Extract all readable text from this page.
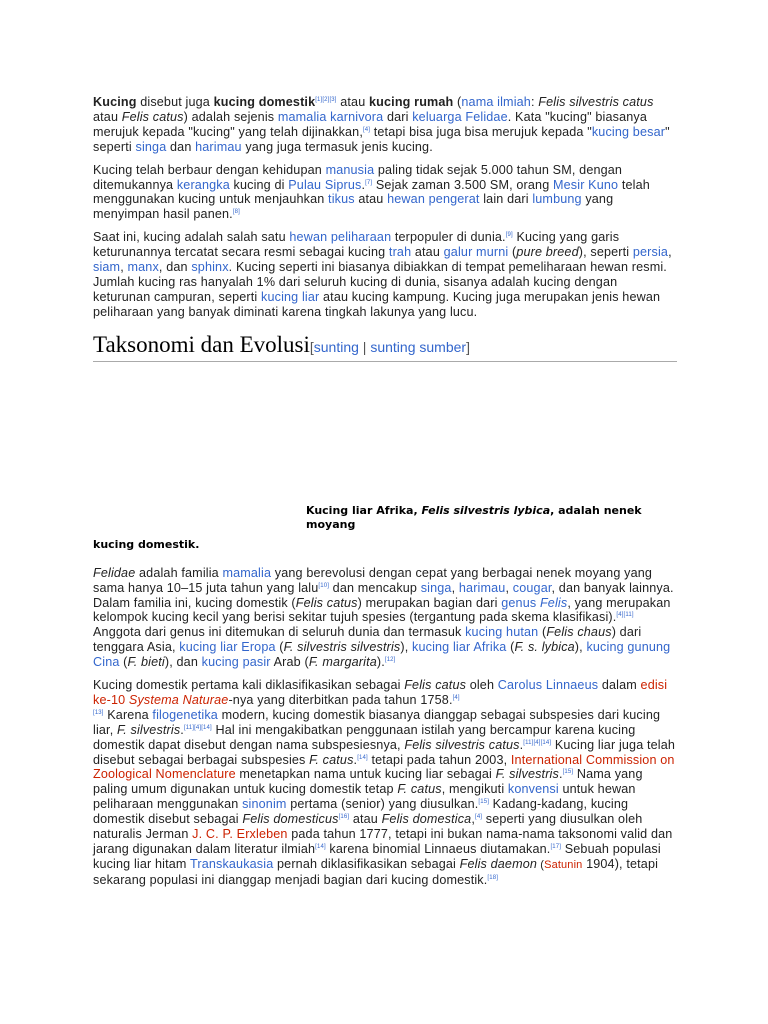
Kucing disebut juga kucing domestik[1][2][3] atau kucing rumah (nama ilmiah: Felis silvestris catus atau Felis catus) adalah sejenis mamalia karnivora dari keluarga Felidae. Kata "kucing" biasanya merujuk kepada "kucing" yang telah dijinakkan,[4] tetapi bisa juga bisa merujuk kepada "kucing besar" seperti singa dan harimau yang juga termasuk jenis kucing.

Kucing telah berbaur dengan kehidupan manusia paling tidak sejak 5.000 tahun SM, dengan ditemukannya kerangka kucing di Pulau Siprus.[7] Sejak zaman 3.500 SM, orang Mesir Kuno telah menggunakan kucing untuk menjauhkan tikus atau hewan pengerat lain dari lumbung yang menyimpan hasil panen.[8]

Saat ini, kucing adalah salah satu hewan peliharaan terpopuler di dunia.[9] Kucing yang garis keturunannya tercatat secara resmi sebagai kucing trah atau galur murni (pure breed), seperti persia, siam, manx, dan sphinx. Kucing seperti ini biasanya dibiakkan di tempat pemeliharaan hewan resmi. Jumlah kucing ras hanyalah 1% dari seluruh kucing di dunia, sisanya adalah kucing dengan keturunan campuran, seperti kucing liar atau kucing kampung. Kucing juga merupakan jenis hewan peliharaan yang banyak diminati karena tingkah lakunya yang lucu.

Taksonomi dan Evolusi[sunting | sunting sumber]
Kucing liar Afrika, Felis silvestris lybica, adalah nenek moyang
kucing domestik.

Felidae adalah familia mamalia yang berevolusi dengan cepat yang berbagai nenek moyang yang sama hanya 10–15 juta tahun yang lalu[10] dan mencakup singa, harimau, cougar, dan banyak lainnya. Dalam familia ini, kucing domestik (Felis catus) merupakan bagian dari genus Felis, yang merupakan kelompok kucing kecil yang berisi sekitar tujuh spesies (tergantung pada skema klasifikasi).[4][11] Anggota dari genus ini ditemukan di seluruh dunia dan termasuk kucing hutan (Felis chaus) dari tenggara Asia, kucing liar Eropa (F. silvestris silvestris), kucing liar Afrika (F. s. lybica), kucing gunung Cina (F. bieti), dan kucing pasir Arab (F. margarita).[12]

Kucing domestik pertama kali diklasifikasikan sebagai Felis catus oleh Carolus Linnaeus dalam edisi ke-10 Systema Naturae-nya yang diterbitkan pada tahun 1758.[4]
[13] Karena filogenetika modern, kucing domestik biasanya dianggap sebagai subspesies dari kucing liar, F. silvestris.[11][4][14] Hal ini mengakibatkan penggunaan istilah yang bercampur karena kucing domestik dapat disebut dengan nama subspesiesnya, Felis silvestris catus.[11][4][14] Kucing liar juga telah disebut sebagai berbagai subspesies F. catus.[14] tetapi pada tahun 2003, International Commission on Zoological Nomenclature menetapkan nama untuk kucing liar sebagai F. silvestris.[15] Nama yang paling umum digunakan untuk kucing domestik tetap F. catus, mengikuti konvensi untuk hewan peliharaan menggunakan sinonim pertama (senior) yang diusulkan.[15] Kadang-kadang, kucing domestik disebut sebagai Felis domesticus[16] atau Felis domestica,[4] seperti yang diusulkan oleh naturalis Jerman J. C. P. Erxleben pada tahun 1777, tetapi ini bukan nama-nama taksonomi valid dan jarang digunakan dalam literatur ilmiah[14] karena binomial Linnaeus diutamakan.[17] Sebuah populasi kucing liar hitam Transkaukasia pernah diklasifikasikan sebagai Felis daemon (Satunin 1904), tetapi sekarang populasi ini dianggap menjadi bagian dari kucing domestik.[18]
